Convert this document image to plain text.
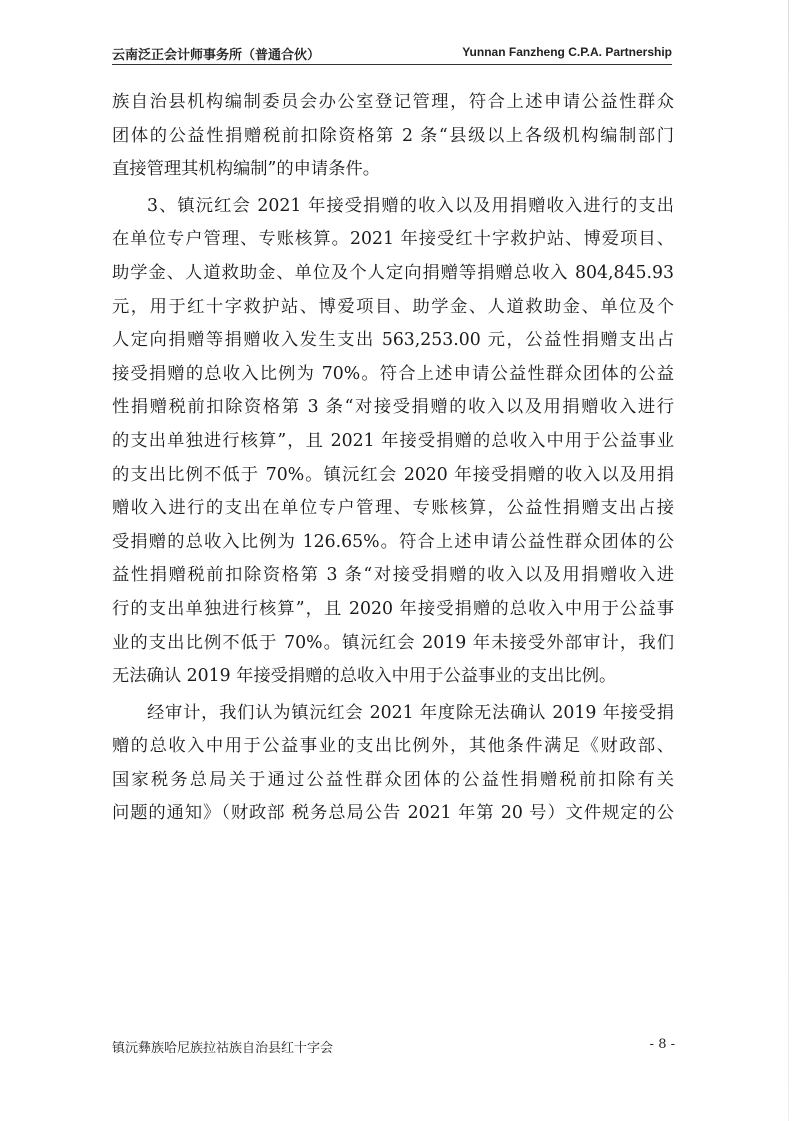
云南泛正会计师事务所（普通合伙）	Yunnan Fanzheng C.P.A. Partnership
族自治县机构编制委员会办公室登记管理，符合上述申请公益性群众
团体的公益性捐赠税前扣除资格第 2 条“县级以上各级机构编制部门
直接管理其机构编制”的申请条件。
3、镇沅红会 2021 年接受捐赠的收入以及用捐赠收入进行的支出
在单位专户管理、专账核算。2021 年接受红十字救护站、博爱项目、
助学金、人道救助金、单位及个人定向捐赠等捐赠总收入 804,845.93
元，用于红十字救护站、博爱项目、助学金、人道救助金、单位及个
人定向捐赠等捐赠收入发生支出 563,253.00 元，公益性捐赠支出占
接受捐赠的总收入比例为 70%。符合上述申请公益性群众团体的公益
性捐赠税前扣除资格第 3 条“对接受捐赠的收入以及用捐赠收入进行
的支出单独进行核算”，且 2021 年接受捐赠的总收入中用于公益事业
的支出比例不低于 70%。镇沅红会 2020 年接受捐赠的收入以及用捐
赠收入进行的支出在单位专户管理、专账核算，公益性捐赠支出占接
受捐赠的总收入比例为 126.65%。符合上述申请公益性群众团体的公
益性捐赠税前扣除资格第 3 条“对接受捐赠的收入以及用捐赠收入进
行的支出单独进行核算”，且 2020 年接受捐赠的总收入中用于公益事
业的支出比例不低于 70%。镇沅红会 2019 年未接受外部审计，我们
无法确认 2019 年接受捐赠的总收入中用于公益事业的支出比例。
经审计，我们认为镇沅红会 2021 年度除无法确认 2019 年接受捐
赠的总收入中用于公益事业的支出比例外，其他条件满足《财政部、
国家税务总局关于通过公益性群众团体的公益性捐赠税前扣除有关
问题的通知》（财政部 税务总局公告 2021 年第 20 号）文件规定的公
镇沅彝族哈尼族拉祜族自治县红十字会	- 8 -
